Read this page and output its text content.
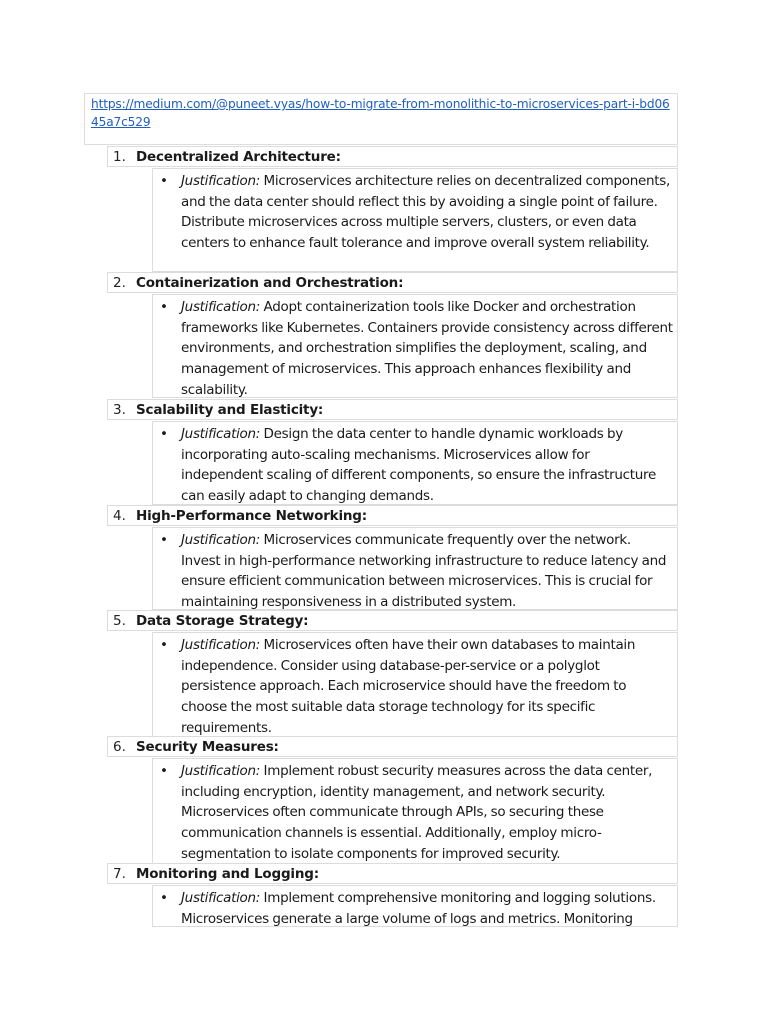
https://medium.com/@puneet.vyas/how-to-migrate-from-monolithic-to-microservices-part-i-bd0645a7c529
1. Decentralized Architecture:
• Justification: Microservices architecture relies on decentralized components, and the data center should reflect this by avoiding a single point of failure. Distribute microservices across multiple servers, clusters, or even data centers to enhance fault tolerance and improve overall system reliability.
2. Containerization and Orchestration:
• Justification: Adopt containerization tools like Docker and orchestration frameworks like Kubernetes. Containers provide consistency across different environments, and orchestration simplifies the deployment, scaling, and management of microservices. This approach enhances flexibility and scalability.
3. Scalability and Elasticity:
• Justification: Design the data center to handle dynamic workloads by incorporating auto-scaling mechanisms. Microservices allow for independent scaling of different components, so ensure the infrastructure can easily adapt to changing demands.
4. High-Performance Networking:
• Justification: Microservices communicate frequently over the network. Invest in high-performance networking infrastructure to reduce latency and ensure efficient communication between microservices. This is crucial for maintaining responsiveness in a distributed system.
5. Data Storage Strategy:
• Justification: Microservices often have their own databases to maintain independence. Consider using database-per-service or a polyglot persistence approach. Each microservice should have the freedom to choose the most suitable data storage technology for its specific requirements.
6. Security Measures:
• Justification: Implement robust security measures across the data center, including encryption, identity management, and network security. Microservices often communicate through APIs, so securing these communication channels is essential. Additionally, employ micro-segmentation to isolate components for improved security.
7. Monitoring and Logging:
• Justification: Implement comprehensive monitoring and logging solutions. Microservices generate a large volume of logs and metrics. Monitoring
